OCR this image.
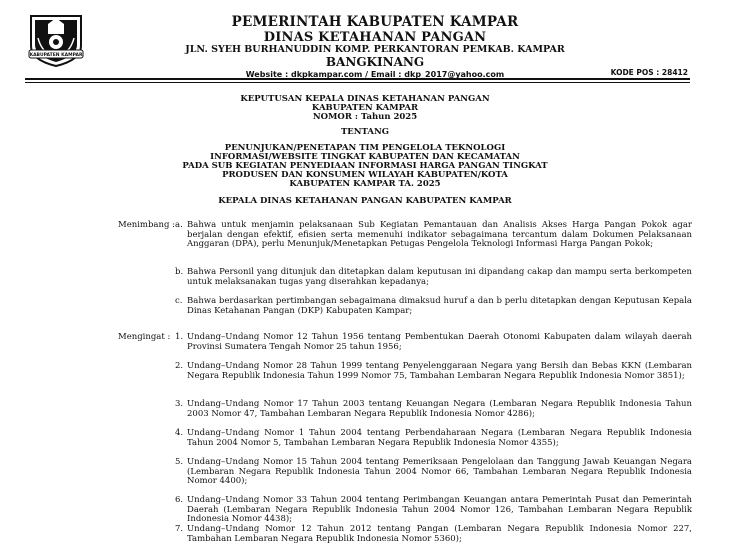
KABUPATEN KAMPAR
PEMERINTAH KABUPATEN KAMPAR
DINAS KETAHANAN PANGAN
JLN. SYEH BURHANUDDIN KOMP. PERKANTORAN PEMKAB. KAMPAR
BANGKINANG
Website : dkpkampar.com / Email : dkp_2017@yahoo.com	KODE POS : 28412
KEPUTUSAN KEPALA DINAS KETAHANAN PANGAN
KABUPATEN KAMPAR
NOMOR : Tahun 2025
TENTANG
PENUNJUKAN/PENETAPAN TIM PENGELOLA TEKNOLOGI
INFORMASI/WEBSITE TINGKAT KABUPATEN DAN KECAMATAN
PADA SUB KEGIATAN PENYEDIAAN INFORMASI HARGA PANGAN TINGKAT
PRODUSEN DAN KONSUMEN WILAYAH KABUPATEN/KOTA
KABUPATEN KAMPAR TA. 2025
KEPALA DINAS KETAHANAN PANGAN KABUPATEN KAMPAR
Menimbang : a. Bahwa untuk menjamin pelaksanaan Sub Kegiatan Pemantauan dan Analisis Akses Harga Pangan Pokok agar berjalan dengan efektif, efisien serta memenuhi indikator sebagaimana tercantum dalam Dokumen Pelaksanaan Anggaran (DPA), perlu Menunjuk/Menetapkan Petugas Pengelola Teknologi Informasi Harga Pangan Pokok;
b. Bahwa Personil yang ditunjuk dan ditetapkan dalam keputusan ini dipandang cakap dan mampu serta berkompeten untuk melaksanakan tugas yang diserahkan kepadanya;
c. Bahwa berdasarkan pertimbangan sebagaimana dimaksud huruf a dan b perlu ditetapkan dengan Keputusan Kepala Dinas Ketahanan Pangan (DKP) Kabupaten Kampar;
Mengingat : 1. Undang–Undang Nomor 12 Tahun 1956 tentang Pembentukan Daerah Otonomi Kabupaten dalam wilayah daerah Provinsi Sumatera Tengah Nomor 25 tahun 1956;
2. Undang–Undang Nomor 28 Tahun 1999 tentang Penyelenggaraan Negara yang Bersih dan Bebas KKN (Lembaran Negara Republik Indonesia Tahun 1999 Nomor 75, Tambahan Lembaran Negara Republik Indonesia Nomor 3851);
3. Undang–Undang Nomor 17 Tahun 2003 tentang Keuangan Negara (Lembaran Negara Republik Indonesia Tahun 2003 Nomor 47, Tambahan Lembaran Negara Republik Indonesia Nomor 4286);
4. Undang–Undang Nomor 1 Tahun 2004 tentang Perbendaharaan Negara (Lembaran Negara Republik Indonesia Tahun 2004 Nomor 5, Tambahan Lembaran Negara Republik Indonesia Nomor 4355);
5. Undang–Undang Nomor 15 Tahun 2004 tentang Pemeriksaan Pengelolaan dan Tanggung Jawab Keuangan Negara (Lembaran Negara Republik Indonesia Tahun 2004 Nomor 66, Tambahan Lembaran Negara Republik Indonesia Nomor 4400);
6. Undang–Undang Nomor 33 Tahun 2004 tentang Perimbangan Keuangan antara Pemerintah Pusat dan Pemerintah Daerah (Lembaran Negara Republik Indonesia Tahun 2004 Nomor 126, Tambahan Lembaran Negara Republik Indonesia Nomor 4438);
7. Undang–Undang Nomor 12 Tahun 2012 tentang Pangan (Lembaran Negara Republik Indonesia Nomor 227, Tambahan Lembaran Negara Republik Indonesia Nomor 5360);
